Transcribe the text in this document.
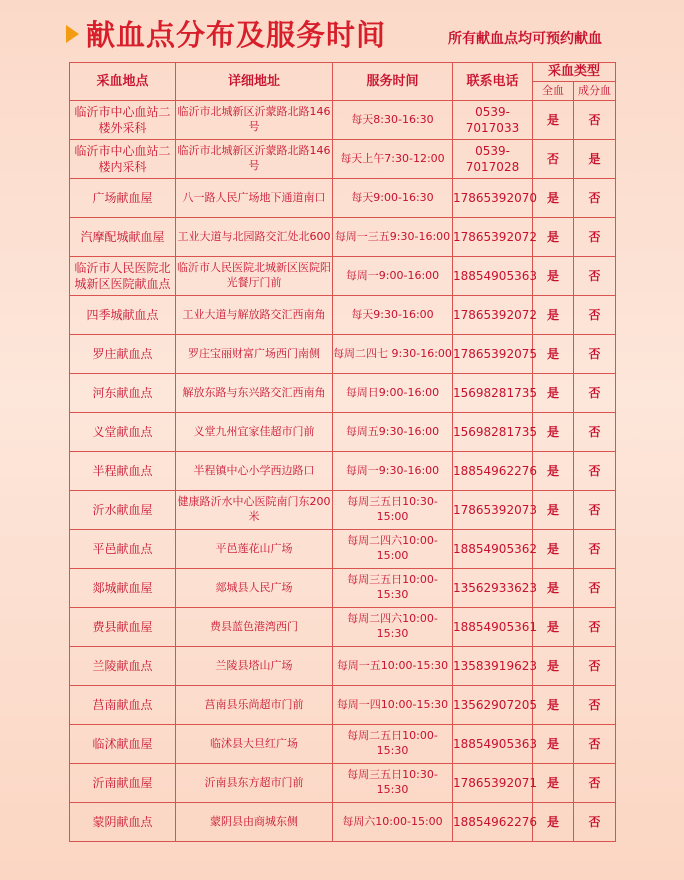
献血点分布及服务时间	所有献血点均可预约献血
采血地点	详细地址	服务时间	联系电话	采血类型	
				全血	成分血
临沂市中心血站二楼外采科	临沂市北城新区沂蒙路北路146号	每天8:30-16:30	0539-7017033	是	否
临沂市中心血站二楼内采科	临沂市北城新区沂蒙路北路146号	每天上午7:30-12:00	0539-7017028	否	是
广场献血屋	八一路人民广场地下通道南口	每天9:00-16:30	17865392070	是	否
汽摩配城献血屋	工业大道与北园路交汇处北600	每周一三五9:30-16:00	17865392072	是	否
临沂市人民医院北城新区医院献血点	临沂市人民医院北城新区医院阳光餐厅门前	每周一9:00-16:00	18854905363	是	否
四季城献血点	工业大道与解放路交汇西南角	每天9:30-16:00	17865392072	是	否
罗庄献血点	罗庄宝丽财富广场西门南侧	每周二四七 9:30-16:00	17865392075	是	否
河东献血点	解放东路与东兴路交汇西南角	每周日9:00-16:00	15698281735	是	否
义堂献血点	义堂九州宜家佳超市门前	每周五9:30-16:00	15698281735	是	否
半程献血点	半程镇中心小学西边路口	每周一9:30-16:00	18854962276	是	否
沂水献血屋	健康路沂水中心医院南门东200米	每周三五日10:30-15:00	17865392073	是	否
平邑献血点	平邑莲花山广场	每周二四六10:00-15:00	18854905362	是	否
郯城献血屋	郯城县人民广场	每周三五日10:00-15:30	13562933623	是	否
费县献血屋	费县蓝色港湾西门	每周二四六10:00-15:30	18854905361	是	否
兰陵献血点	兰陵县塔山广场	每周一五10:00-15:30	13583919623	是	否
莒南献血点	莒南县乐尚超市门前	每周一四10:00-15:30	13562907205	是	否
临沭献血屋	临沭县大旦红广场	每周二五日10:00-15:30	18854905363	是	否
沂南献血屋	沂南县东方超市门前	每周三五日10:30-15:30	17865392071	是	否
蒙阴献血点	蒙阴县由商城东侧	每周六10:00-15:00	18854962276	是	否
